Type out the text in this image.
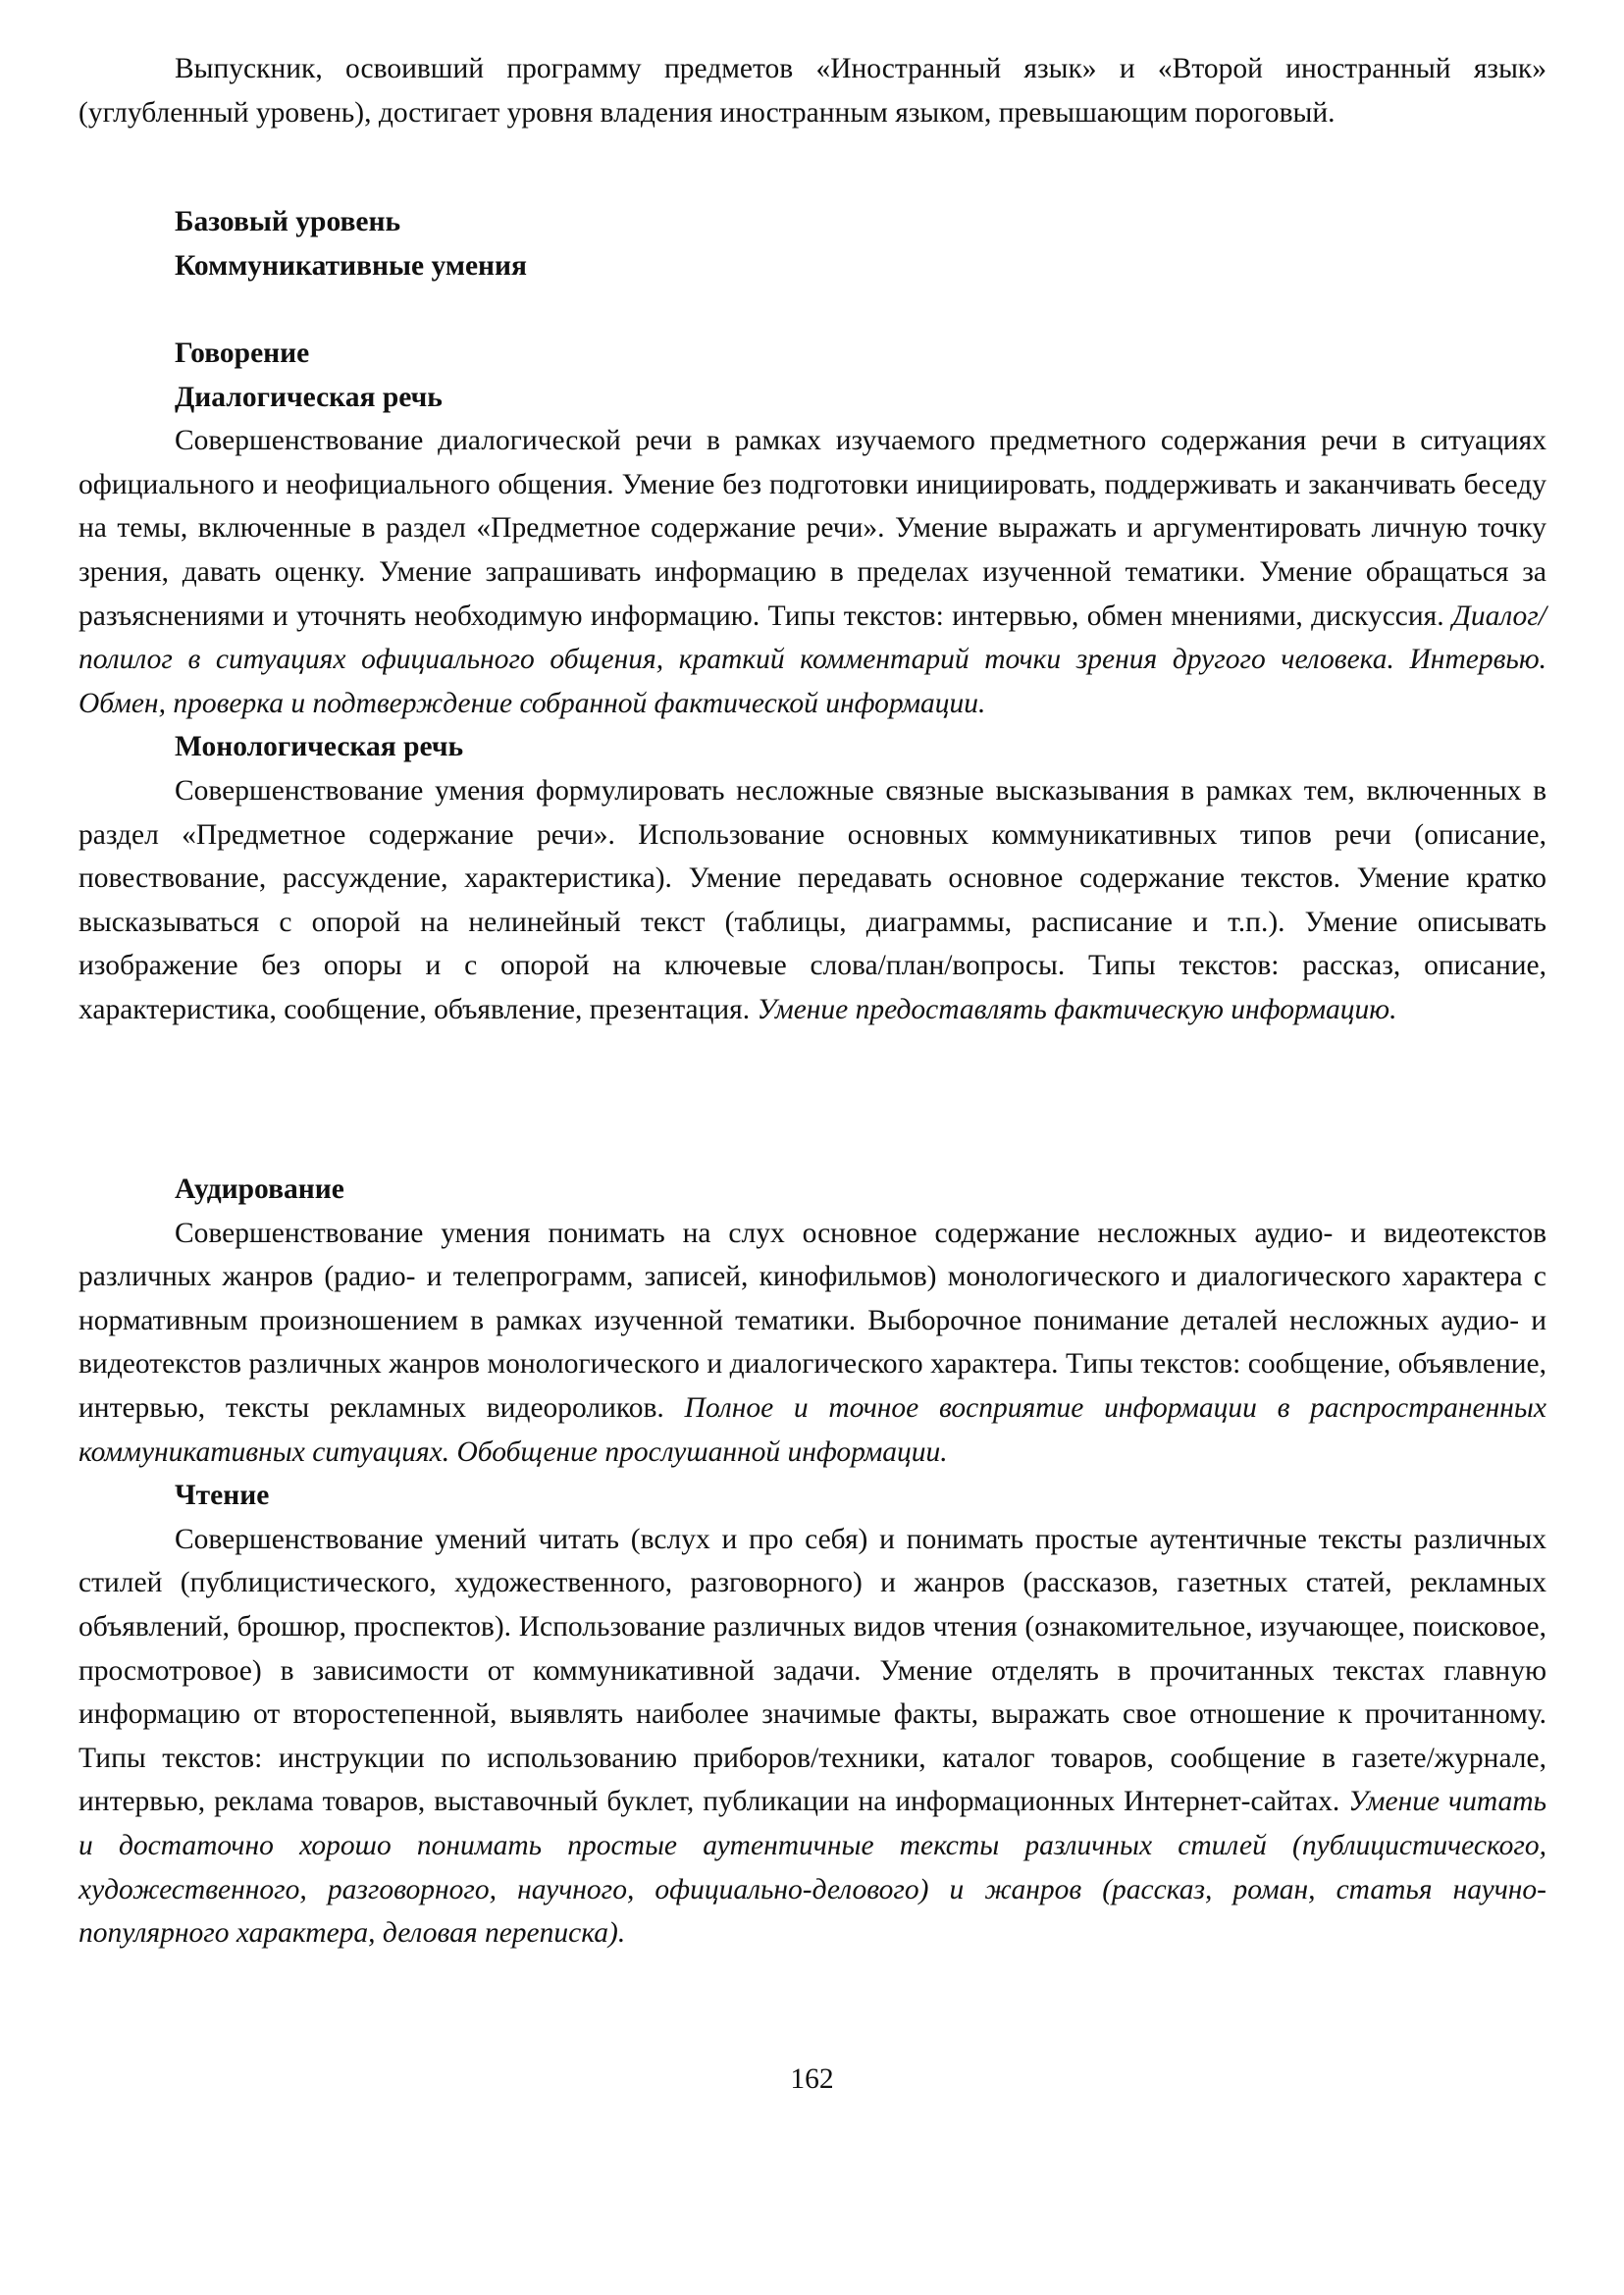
Выпускник, освоивший программу предметов «Иностранный язык» и «Второй иностранный язык» (углубленный уровень), достигает уровня владения иностранным языком, превышающим пороговый.

Базовый уровень

Коммуникативные умения

Говорение

Диалогическая речь

Совершенствование диалогической речи в рамках изучаемого предметного содержания речи в ситуациях официального и неофициального общения. Умение без подготовки инициировать, поддерживать и заканчивать беседу на темы, включенные в раздел «Предметное содержание речи». Умение выражать и аргументировать личную точку зрения, давать оценку. Умение запрашивать информацию в пределах изученной тематики. Умение обращаться за разъяснениями и уточнять необходимую информацию. Типы текстов: интервью, обмен мнениями, дискуссия. Диалог/полилог в ситуациях официального общения, краткий комментарий точки зрения другого человека. Интервью. Обмен, проверка и подтверждение собранной фактической информации.

Монологическая речь

Совершенствование умения формулировать несложные связные высказывания в рамках тем, включенных в раздел «Предметное содержание речи». Использование основных коммуникативных типов речи (описание, повествование, рассуждение, характеристика). Умение передавать основное содержание текстов. Умение кратко высказываться с опорой на нелинейный текст (таблицы, диаграммы, расписание и т.п.). Умение описывать изображение без опоры и с опорой на ключевые слова/план/вопросы. Типы текстов: рассказ, описание, характеристика, сообщение, объявление, презентация. Умение предоставлять фактическую информацию.

Аудирование

Совершенствование умения понимать на слух основное содержание несложных аудио- и видеотекстов различных жанров (радио- и телепрограмм, записей, кинофильмов) монологического и диалогического характера с нормативным произношением в рамках изученной тематики. Выборочное понимание деталей несложных аудио- и видеотекстов различных жанров монологического и диалогического характера. Типы текстов: сообщение, объявление, интервью, тексты рекламных видеороликов. Полное и точное восприятие информации в распространенных коммуникативных ситуациях. Обобщение прослушанной информации.

Чтение

Совершенствование умений читать (вслух и про себя) и понимать простые аутентичные тексты различных стилей (публицистического, художественного, разговорного) и жанров (рассказов, газетных статей, рекламных объявлений, брошюр, проспектов). Использование различных видов чтения (ознакомительное, изучающее, поисковое, просмотровое) в зависимости от коммуникативной задачи. Умение отделять в прочитанных текстах главную информацию от второстепенной, выявлять наиболее значимые факты, выражать свое отношение к прочитанному. Типы текстов: инструкции по использованию приборов/техники, каталог товаров, сообщение в газете/журнале, интервью, реклама товаров, выставочный буклет, публикации на информационных Интернет-сайтах. Умение читать и достаточно хорошо понимать простые аутентичные тексты различных стилей (публицистического, художественного, разговорного, научного, официально-делового) и жанров (рассказ, роман, статья научно-популярного характера, деловая переписка).

162
